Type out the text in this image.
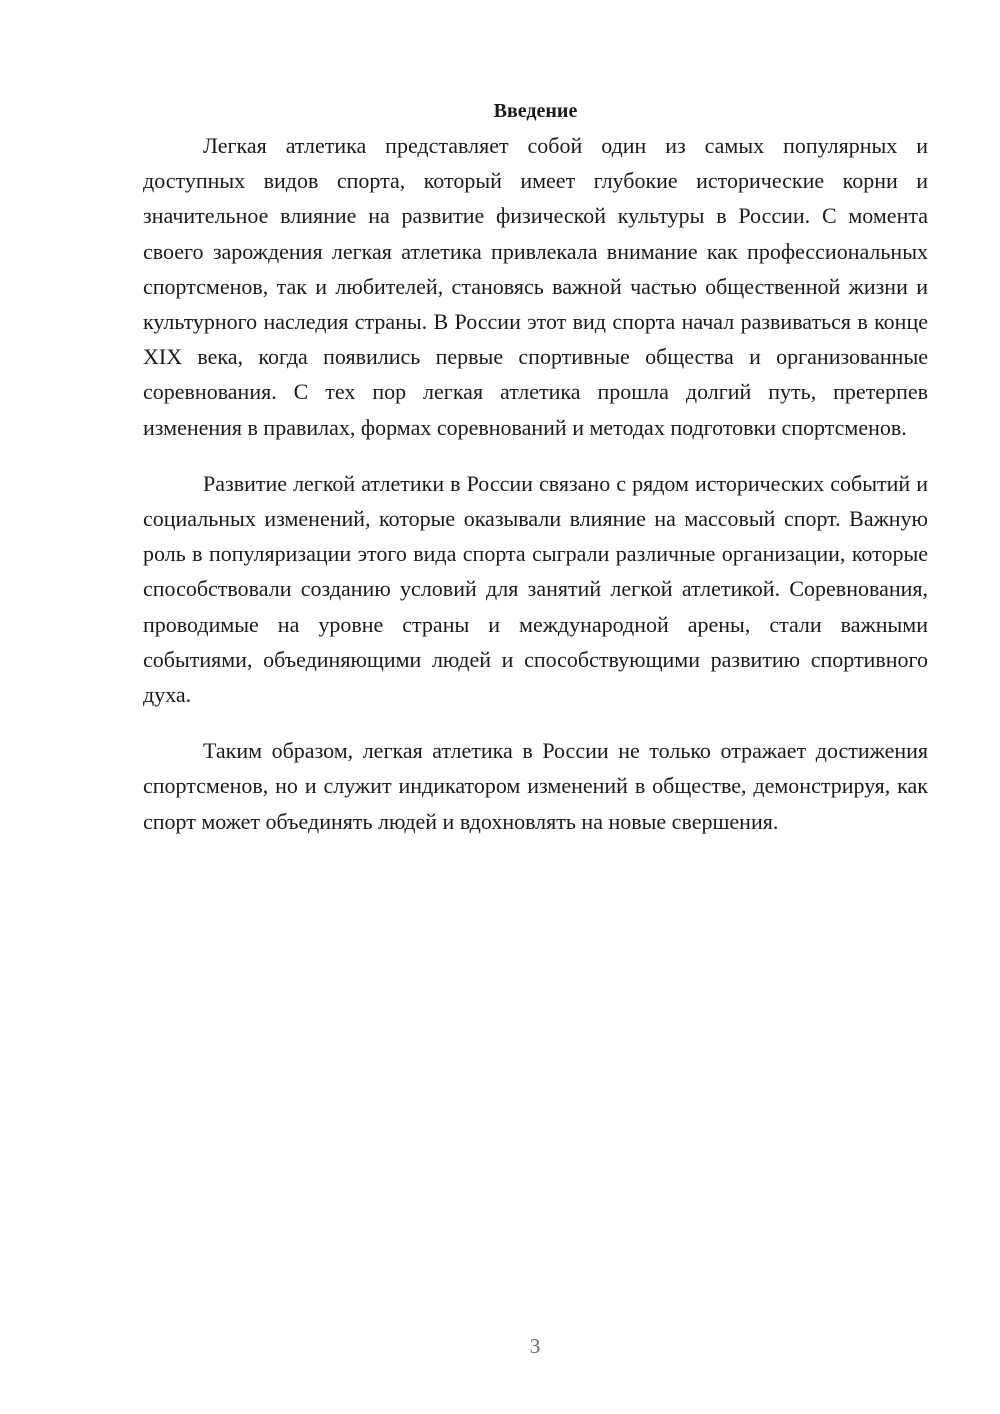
Введение

Легкая атлетика представляет собой один из самых популярных и доступных видов спорта, который имеет глубокие исторические корни и значительное влияние на развитие физической культуры в России. С момента своего зарождения легкая атлетика привлекала внимание как профессиональных спортсменов, так и любителей, становясь важной частью общественной жизни и культурного наследия страны. В России этот вид спорта начал развиваться в конце XIX века, когда появились первые спортивные общества и организованные соревнования. С тех пор легкая атлетика прошла долгий путь, претерпев изменения в правилах, формах соревнований и методах подготовки спортсменов.

Развитие легкой атлетики в России связано с рядом исторических событий и социальных изменений, которые оказывали влияние на массовый спорт. Важную роль в популяризации этого вида спорта сыграли различные организации, которые способствовали созданию условий для занятий легкой атлетикой. Соревнования, проводимые на уровне страны и международной арены, стали важными событиями, объединяющими людей и способствующими развитию спортивного духа.

Таким образом, легкая атлетика в России не только отражает достижения спортсменов, но и служит индикатором изменений в обществе, демонстрируя, как спорт может объединять людей и вдохновлять на новые свершения.

3
